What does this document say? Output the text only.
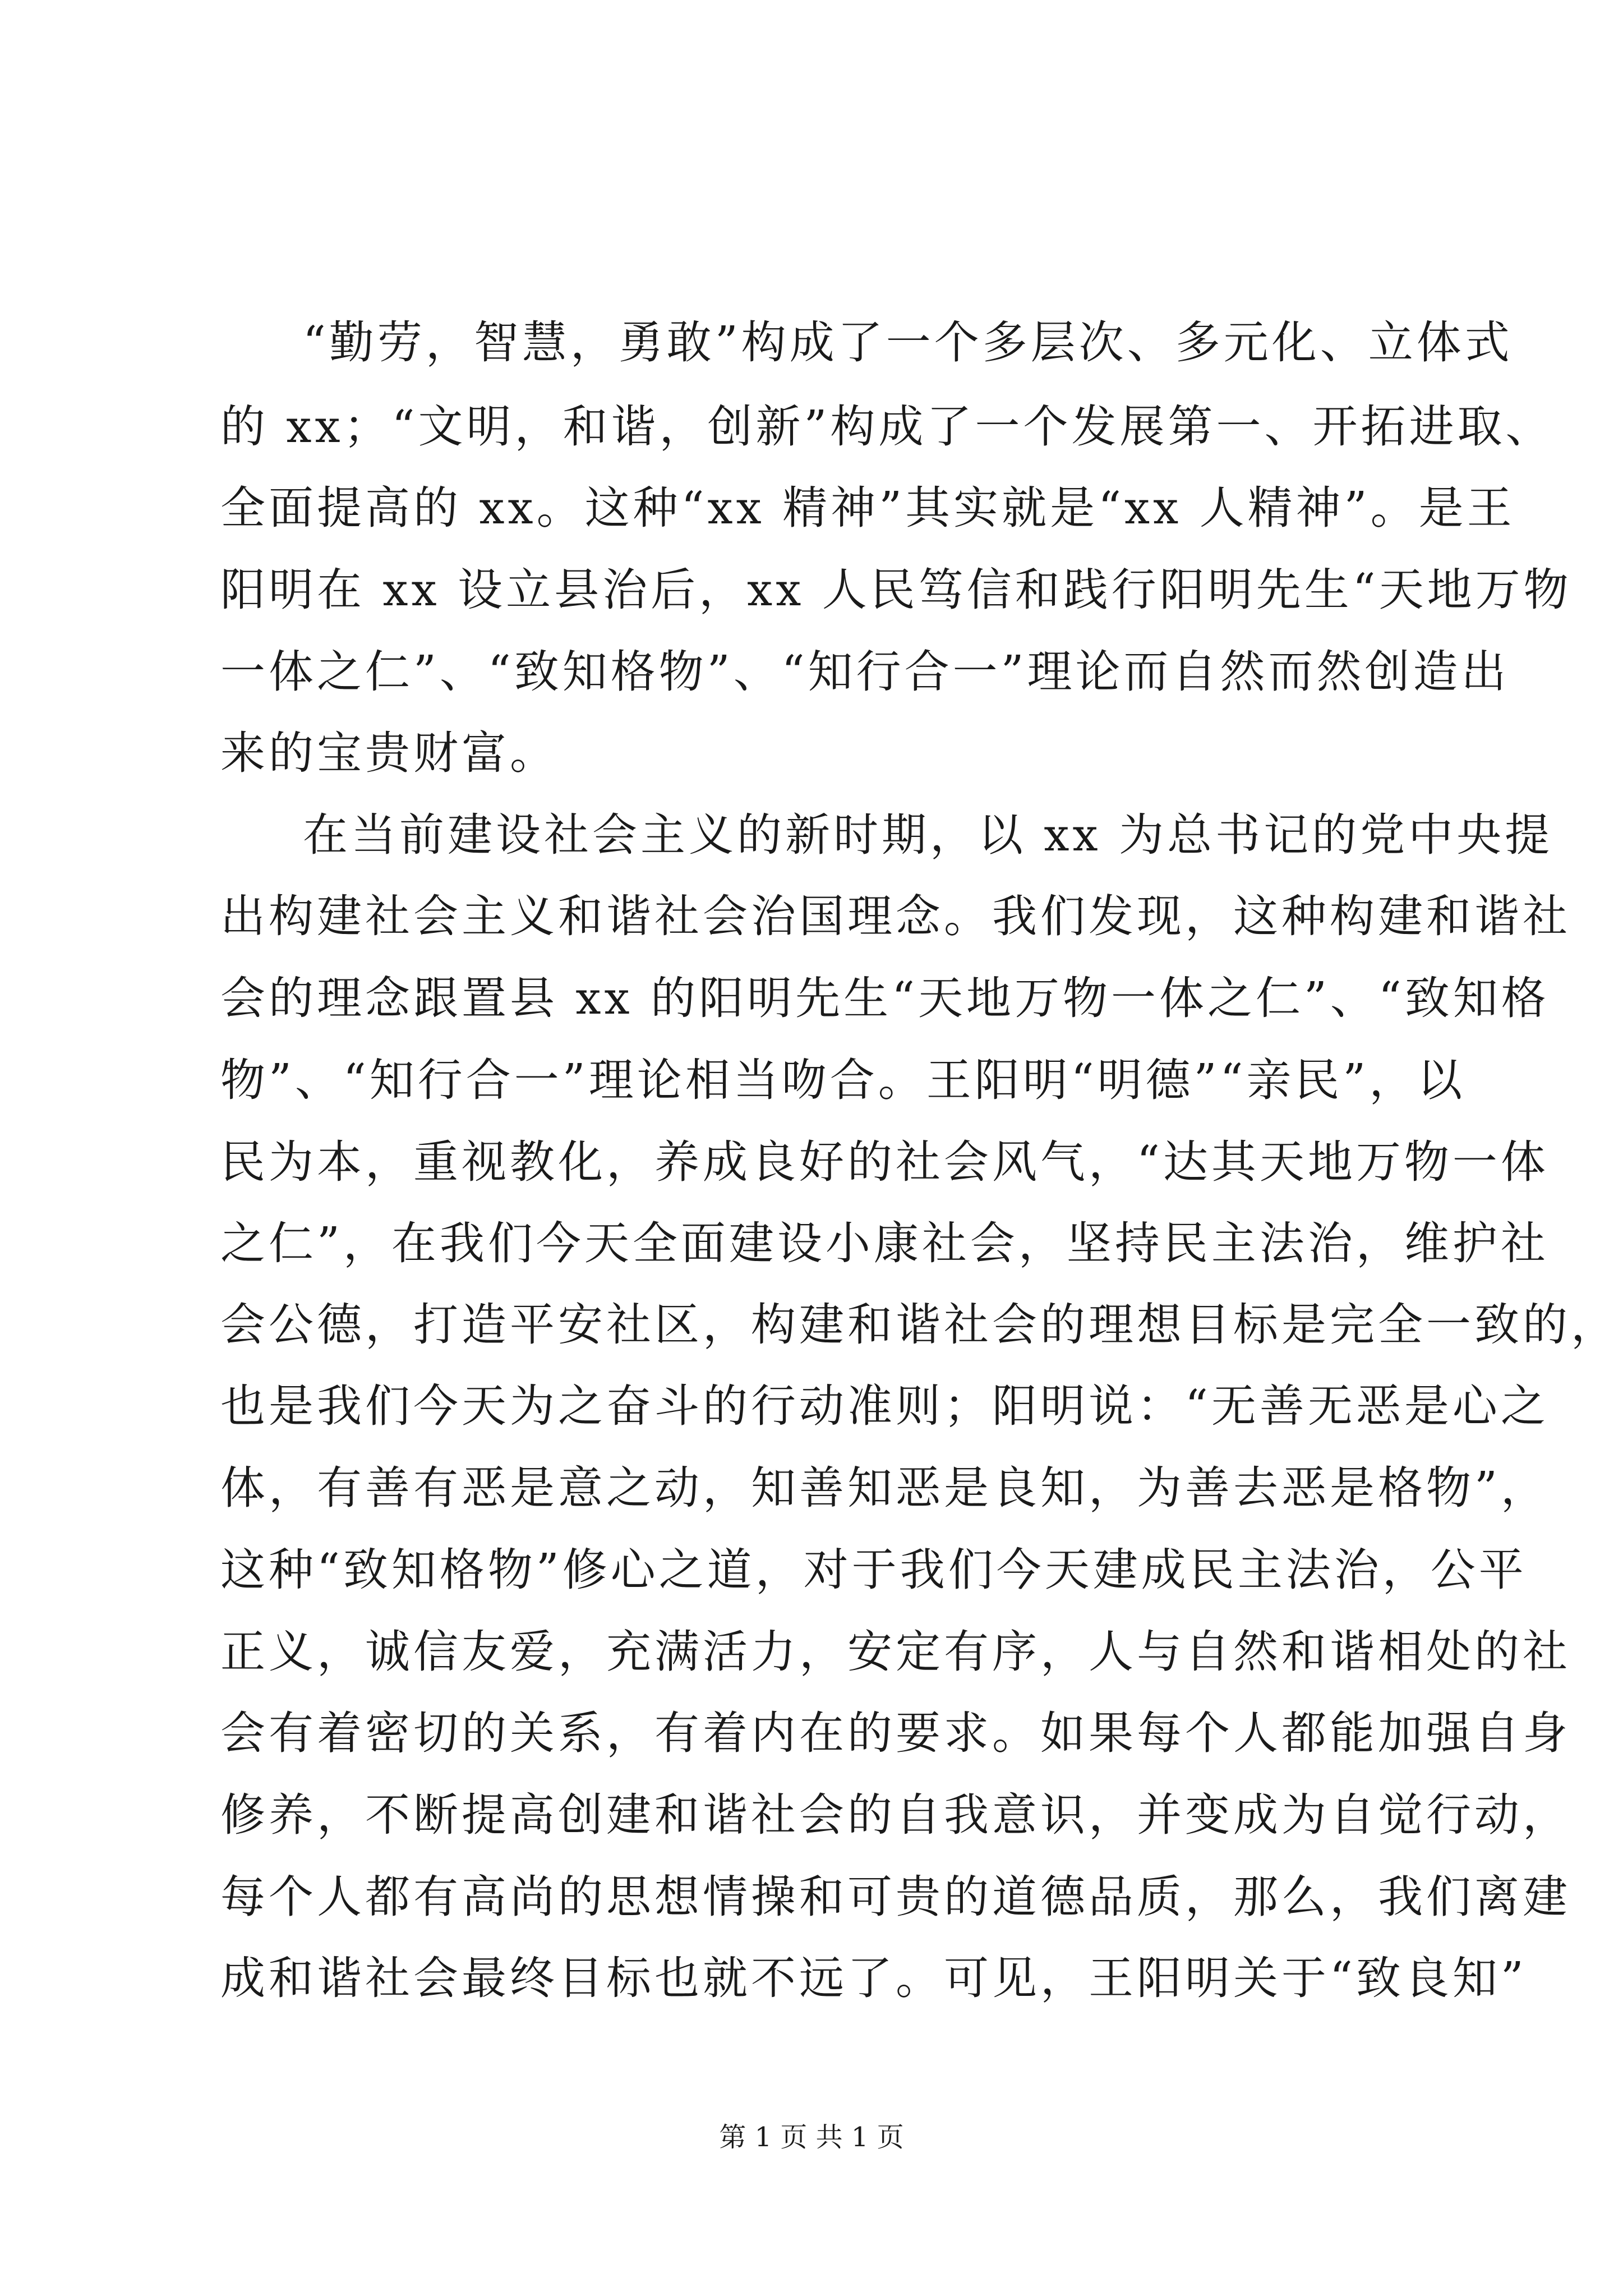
“勤劳，智慧，勇敢”构成了一个多层次、多元化、立体式
的 xx；“文明，和谐，创新”构成了一个发展第一、开拓进取、
全面提高的 xx。这种“xx 精神”其实就是“xx 人精神”。是王
阳明在 xx 设立县治后，xx 人民笃信和践行阳明先生“天地万物
一体之仁”、“致知格物”、“知行合一”理论而自然而然创造出
来的宝贵财富。
在当前建设社会主义的新时期，以 xx 为总书记的党中央提
出构建社会主义和谐社会治国理念。我们发现，这种构建和谐社
会的理念跟置县 xx 的阳明先生“天地万物一体之仁”、“致知格
物”、“知行合一”理论相当吻合。王阳明“明德”“亲民”，以
民为本，重视教化，养成良好的社会风气，“达其天地万物一体
之仁”，在我们今天全面建设小康社会，坚持民主法治，维护社
会公德，打造平安社区，构建和谐社会的理想目标是完全一致的，
也是我们今天为之奋斗的行动准则；阳明说：“无善无恶是心之
体，有善有恶是意之动，知善知恶是良知，为善去恶是格物”，
这种“致知格物”修心之道，对于我们今天建成民主法治，公平
正义，诚信友爱，充满活力，安定有序，人与自然和谐相处的社
会有着密切的关系，有着内在的要求。如果每个人都能加强自身
修养，不断提高创建和谐社会的自我意识，并变成为自觉行动，
每个人都有高尚的思想情操和可贵的道德品质，那么，我们离建
成和谐社会最终目标也就不远了。可见，王阳明关于“致良知”
第 1 页 共 1 页
